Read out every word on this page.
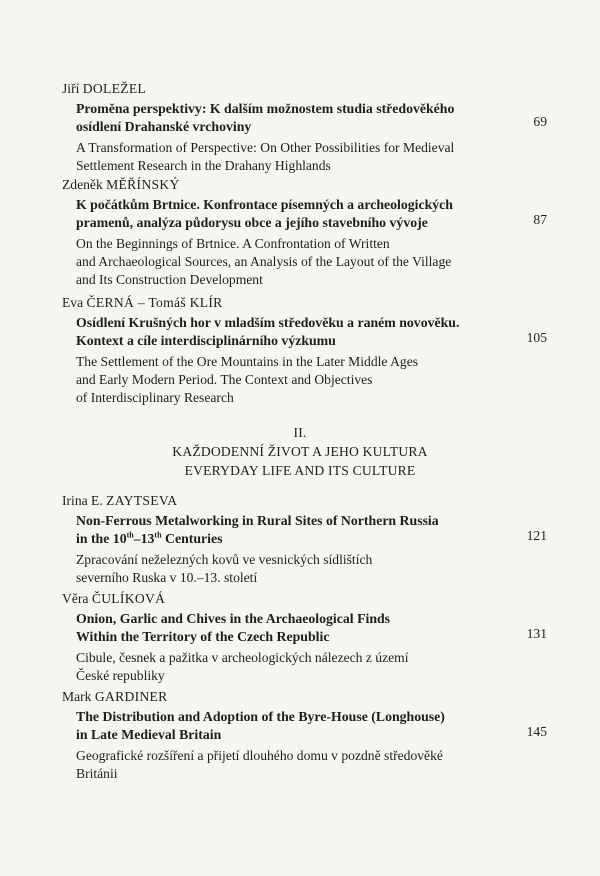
Jiří DOLEŽEL
Proměna perspektivy: K dalším možnostem studia středověkého
osídlení Drahanské vrchoviny
A Transformation of Perspective: On Other Possibilities for Medieval
Settlement Research in the Drahany Highlands
69
Zdeněk MĚŘÍNSKÝ
K počátkům Brtnice. Konfrontace písemných a archeologických
pramenů, analýza půdorysu obce a jejího stavebního vývoje
On the Beginnings of Brtnice. A Confrontation of Written
and Archaeological Sources, an Analysis of the Layout of the Village
and Its Construction Development
87
Eva ČERNÁ – Tomáš KLÍR
Osídlení Krušných hor v mladším středověku a raném novověku.
Kontext a cíle interdisciplinárního výzkumu
The Settlement of the Ore Mountains in the Later Middle Ages
and Early Modern Period. The Context and Objectives
of Interdisciplinary Research
105
II.
KAŽDODENNÍ ŽIVOT A JEHO KULTURA
EVERYDAY LIFE AND ITS CULTURE
Irina E. ZAYTSEVA
Non-Ferrous Metalworking in Rural Sites of Northern Russia
in the 10th–13th Centuries
Zpracování neželezných kovů ve vesnických sídlištích
severního Ruska v 10.–13. století
121
Věra ČULÍKOVÁ
Onion, Garlic and Chives in the Archaeological Finds
Within the Territory of the Czech Republic
Cibule, česnek a pažitka v archeologických nálezech z území
České republiky
131
Mark GARDINER
The Distribution and Adoption of the Byre-House (Longhouse)
in Late Medieval Britain
Geografické rozšíření a přijetí dlouhého domu v pozdně středověké
Británii
145
